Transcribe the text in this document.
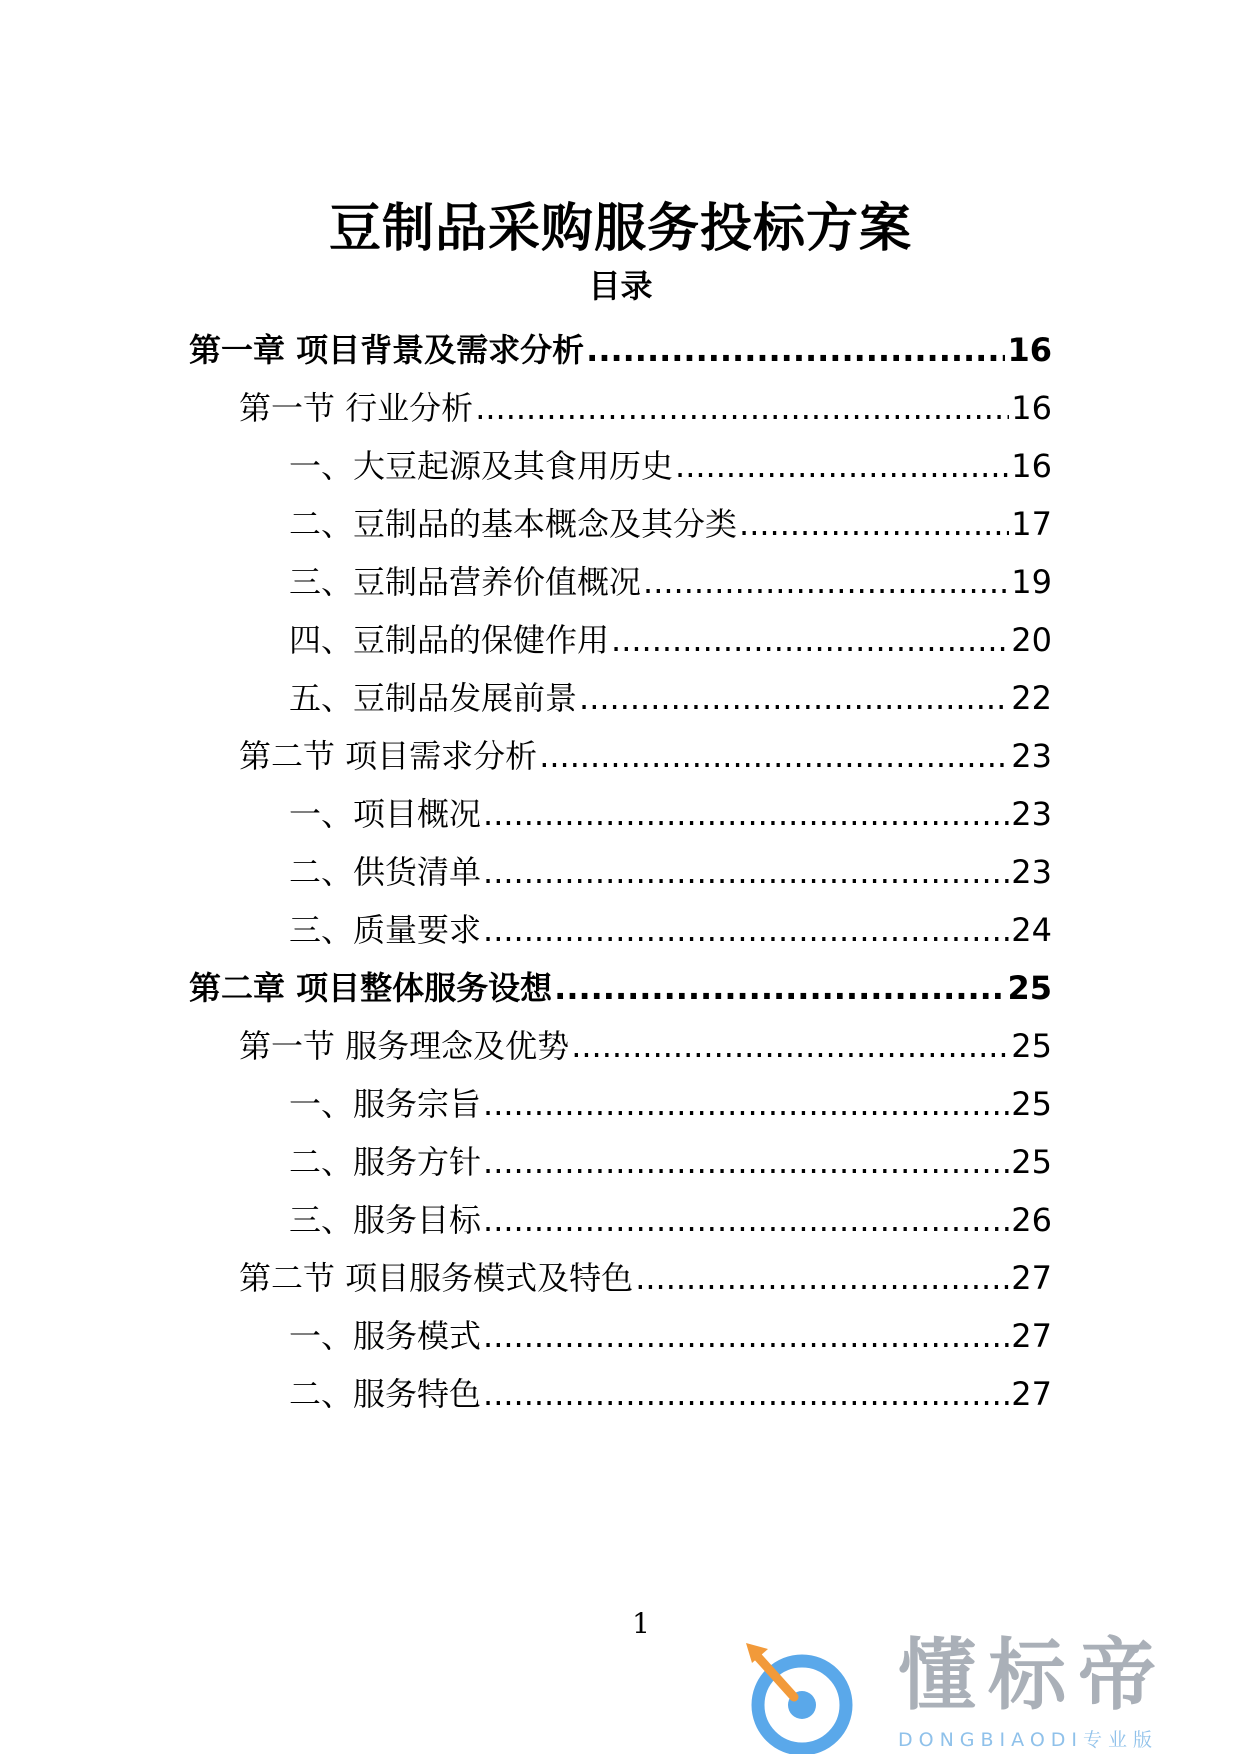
豆制品采购服务投标方案
目录
第一章 项目背景及需求分析 .....	16
第一节 行业分析 .....	16
一、大豆起源及其食用历史 .....	16
二、豆制品的基本概念及其分类 .....	17
三、豆制品营养价值概况 .....	19
四、豆制品的保健作用 .....	20
五、豆制品发展前景 .....	22
第二节 项目需求分析 .....	23
一、项目概况 .....	23
二、供货清单 .....	23
三、质量要求 .....	24
第二章 项目整体服务设想 .....	25
第一节 服务理念及优势 .....	25
一、服务宗旨 .....	25
二、服务方针 .....	25
三、服务目标 .....	26
第二节 项目服务模式及特色 .....	27
一、服务模式 .....	27
二、服务特色 .....	27
1
懂标帝
DONGBIAODI专业版
